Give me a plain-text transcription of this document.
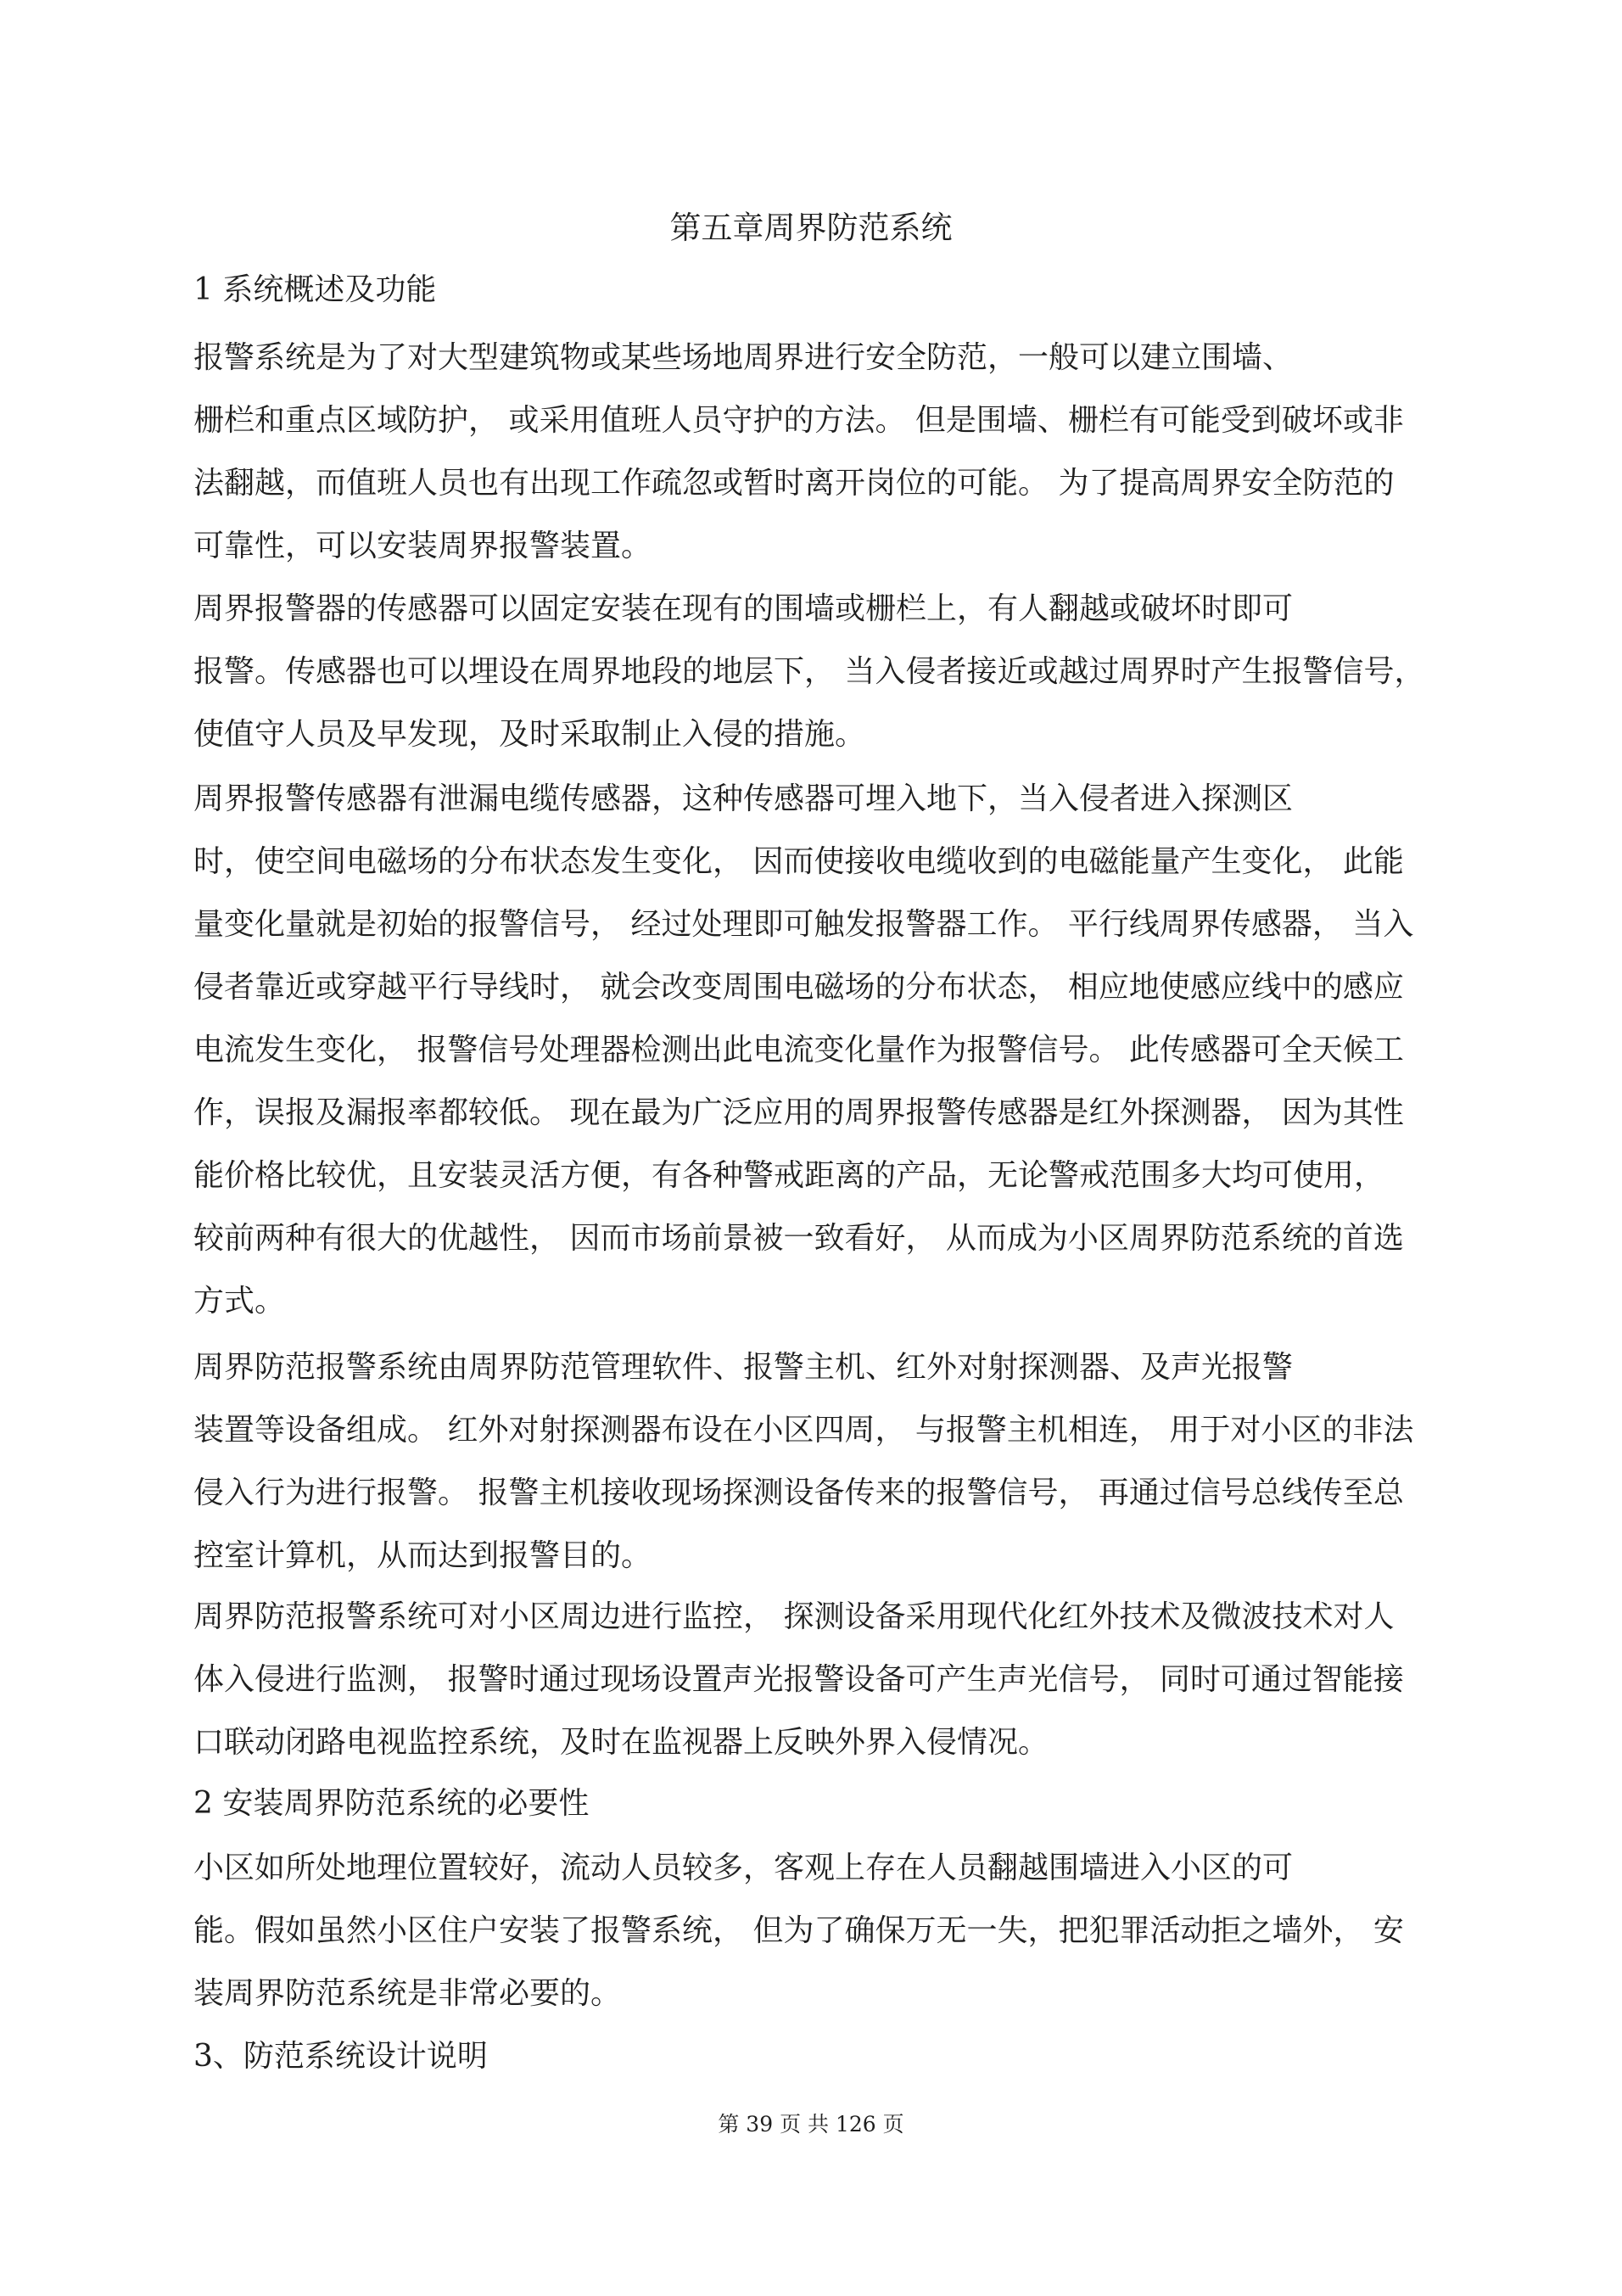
第五章周界防范系统
1 系统概述及功能
报警系统是为了对大型建筑物或某些场地周界进行安全防范，一般可以建立围墙、
栅栏和重点区域防护， 或采用值班人员守护的方法。 但是围墙、栅栏有可能受到破坏或非
法翻越，而值班人员也有出现工作疏忽或暂时离开岗位的可能。 为了提高周界安全防范的
可靠性，可以安装周界报警装置。
周界报警器的传感器可以固定安装在现有的围墙或栅栏上，有人翻越或破坏时即可
报警。传感器也可以埋设在周界地段的地层下， 当入侵者接近或越过周界时产生报警信号，
使值守人员及早发现，及时采取制止入侵的措施。
周界报警传感器有泄漏电缆传感器，这种传感器可埋入地下，当入侵者进入探测区
时，使空间电磁场的分布状态发生变化， 因而使接收电缆收到的电磁能量产生变化， 此能
量变化量就是初始的报警信号， 经过处理即可触发报警器工作。 平行线周界传感器， 当入
侵者靠近或穿越平行导线时， 就会改变周围电磁场的分布状态， 相应地使感应线中的感应
电流发生变化， 报警信号处理器检测出此电流变化量作为报警信号。 此传感器可全天候工
作，误报及漏报率都较低。 现在最为广泛应用的周界报警传感器是红外探测器， 因为其性
能价格比较优，且安装灵活方便，有各种警戒距离的产品，无论警戒范围多大均可使用，
较前两种有很大的优越性， 因而市场前景被一致看好， 从而成为小区周界防范系统的首选
方式。
周界防范报警系统由周界防范管理软件、报警主机、红外对射探测器、及声光报警
装置等设备组成。 红外对射探测器布设在小区四周， 与报警主机相连， 用于对小区的非法
侵入行为进行报警。 报警主机接收现场探测设备传来的报警信号， 再通过信号总线传至总
控室计算机，从而达到报警目的。
周界防范报警系统可对小区周边进行监控， 探测设备采用现代化红外技术及微波技术对人
体入侵进行监测， 报警时通过现场设置声光报警设备可产生声光信号， 同时可通过智能接
口联动闭路电视监控系统，及时在监视器上反映外界入侵情况。
2 安装周界防范系统的必要性
小区如所处地理位置较好，流动人员较多，客观上存在人员翻越围墙进入小区的可
能。假如虽然小区住户安装了报警系统， 但为了确保万无一失，把犯罪活动拒之墙外， 安
装周界防范系统是非常必要的。
3、防范系统设计说明
第 39 页 共 126 页
